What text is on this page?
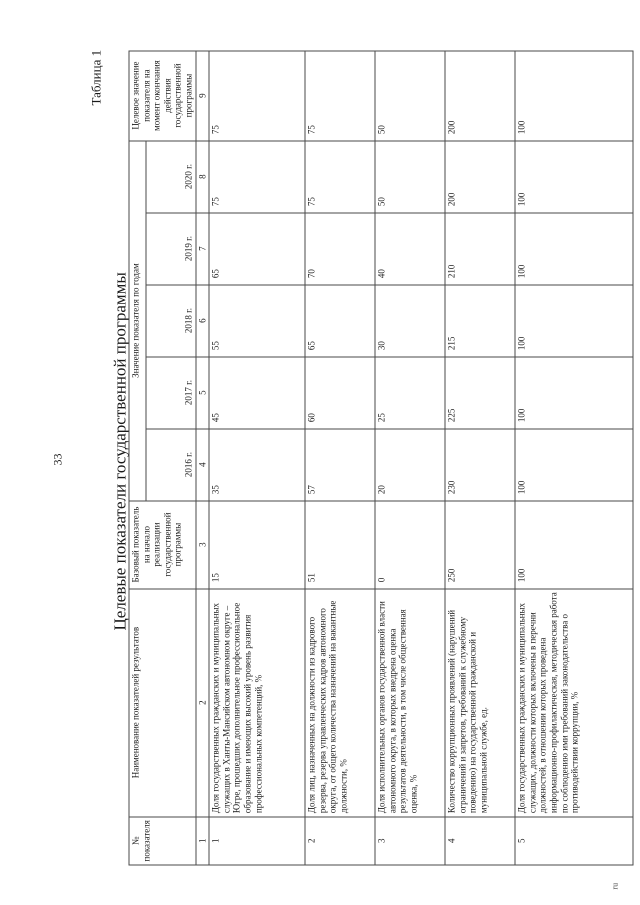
33
Таблица 1
Целевые показатели государственной программы
№ показателя	Наименование показателей результатов	Базовый показатель на начало реализации государственной программы	Значение показателя по годам					Целевое значение показателя на момент окончания действия государственной программы
			2016 г.	2017 г.	2018 г.	2019 г.	2020 г.	
1	2	3	4	5	6	7	8	9
1	Доля государственных гражданских и муниципальных служащих в Ханты-Мансийском автономном округе – Югре, прошедших дополнительное профессиональное образование и имеющих высокий уровень развития профессиональных компетенций, %	15	35	45	55	65	75	75
2	Доля лиц, назначенных на должности из кадрового резерва, резерва управленческих кадров автономного округа, от общего количества назначений на вакантные должности, %	51	57	60	65	70	75	75
3	Доля исполнительных органов государственной власти автономного округа, в которых внедрена оценка результатов деятельности, в том числе общественная оценка, %	0	20	25	30	40	50	50
4	Количество коррупционных проявлений (нарушений ограничений и запретов, требований к служебному поведению) на государственной гражданской и муниципальной службе, ед.	250	230	225	215	210	200	200
5	Доля государственных гражданских и муниципальных служащих, должности которых включены в перечни должностей, в отношении которых проведена информационно-профилактическая, методическая работа по соблюдению ими требований законодательства о противодействии коррупции, %	100	100	100	100	100	100	100
ru
